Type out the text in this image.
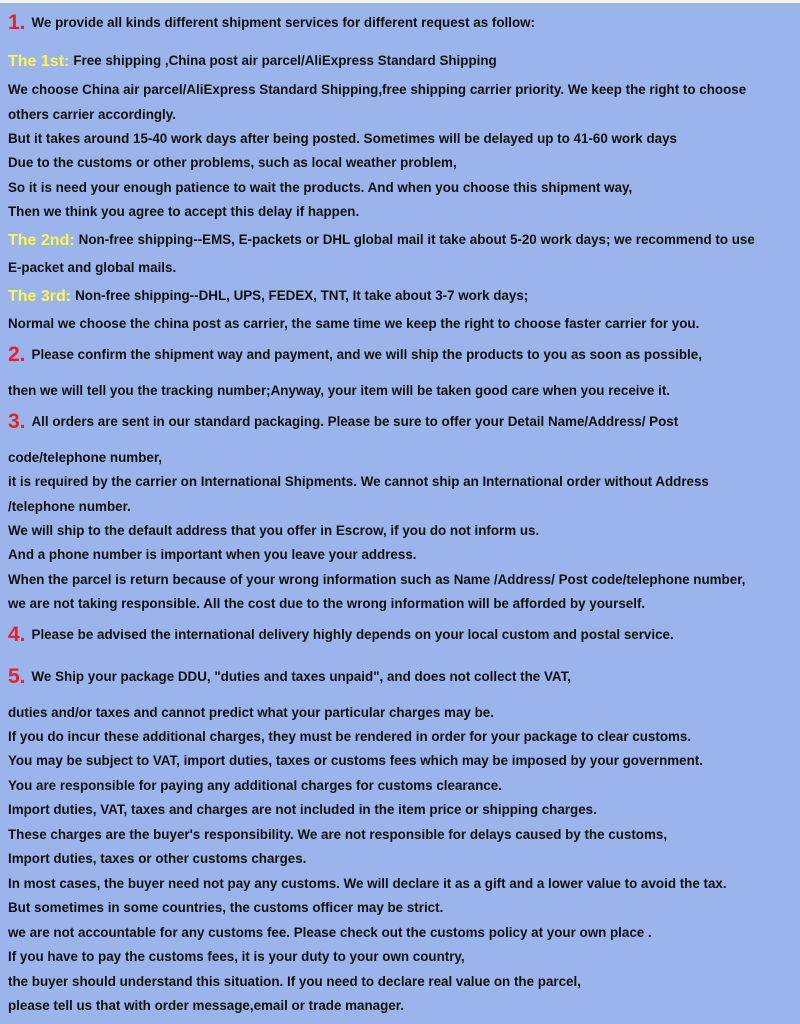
1. We provide all kinds different shipment services for different request as follow:
The 1st: Free shipping ,China post air parcel/AliExpress Standard Shipping
We choose China air parcel/AliExpress Standard Shipping,free shipping carrier priority. We keep the right to choose
others carrier accordingly.
But it takes around 15-40 work days after being posted. Sometimes will be delayed up to 41-60 work days
Due to the customs or other problems, such as local weather problem,
So it is need your enough patience to wait the products. And when you choose this shipment way,
Then we think you agree to accept this delay if happen.
The 2nd: Non-free shipping--EMS, E-packets or DHL global mail it take about 5-20 work days; we recommend to use
E-packet and global mails.
The 3rd: Non-free shipping--DHL, UPS, FEDEX, TNT, It take about 3-7 work days;
Normal we choose the china post as carrier, the same time we keep the right to choose faster carrier for you.
2. Please confirm the shipment way and payment, and we will ship the products to you as soon as possible,
then we will tell you the tracking number;Anyway, your item will be taken good care when you receive it.
3. All orders are sent in our standard packaging. Please be sure to offer your Detail Name/Address/ Post
code/telephone number,
it is required by the carrier on International Shipments. We cannot ship an International order without Address
/telephone number.
We will ship to the default address that you offer in Escrow, if you do not inform us.
And a phone number is important when you leave your address.
When the parcel is return because of your wrong information such as Name /Address/ Post code/telephone number,
we are not taking responsible. All the cost due to the wrong information will be afforded by yourself.
4. Please be advised the international delivery highly depends on your local custom and postal service.
5. We Ship your package DDU, "duties and taxes unpaid", and does not collect the VAT,
duties and/or taxes and cannot predict what your particular charges may be.
If you do incur these additional charges, they must be rendered in order for your package to clear customs.
You may be subject to VAT, import duties, taxes or customs fees which may be imposed by your government.
You are responsible for paying any additional charges for customs clearance.
Import duties, VAT, taxes and charges are not included in the item price or shipping charges.
These charges are the buyer's responsibility. We are not responsible for delays caused by the customs,
Import duties, taxes or other customs charges.
In most cases, the buyer need not pay any customs. We will declare it as a gift and a lower value to avoid the tax.
But sometimes in some countries, the customs officer may be strict.
we are not accountable for any customs fee. Please check out the customs policy at your own place .
If you have to pay the customs fees, it is your duty to your own country,
the buyer should understand this situation. If you need to declare real value on the parcel,
please tell us that with order message,email or trade manager.
